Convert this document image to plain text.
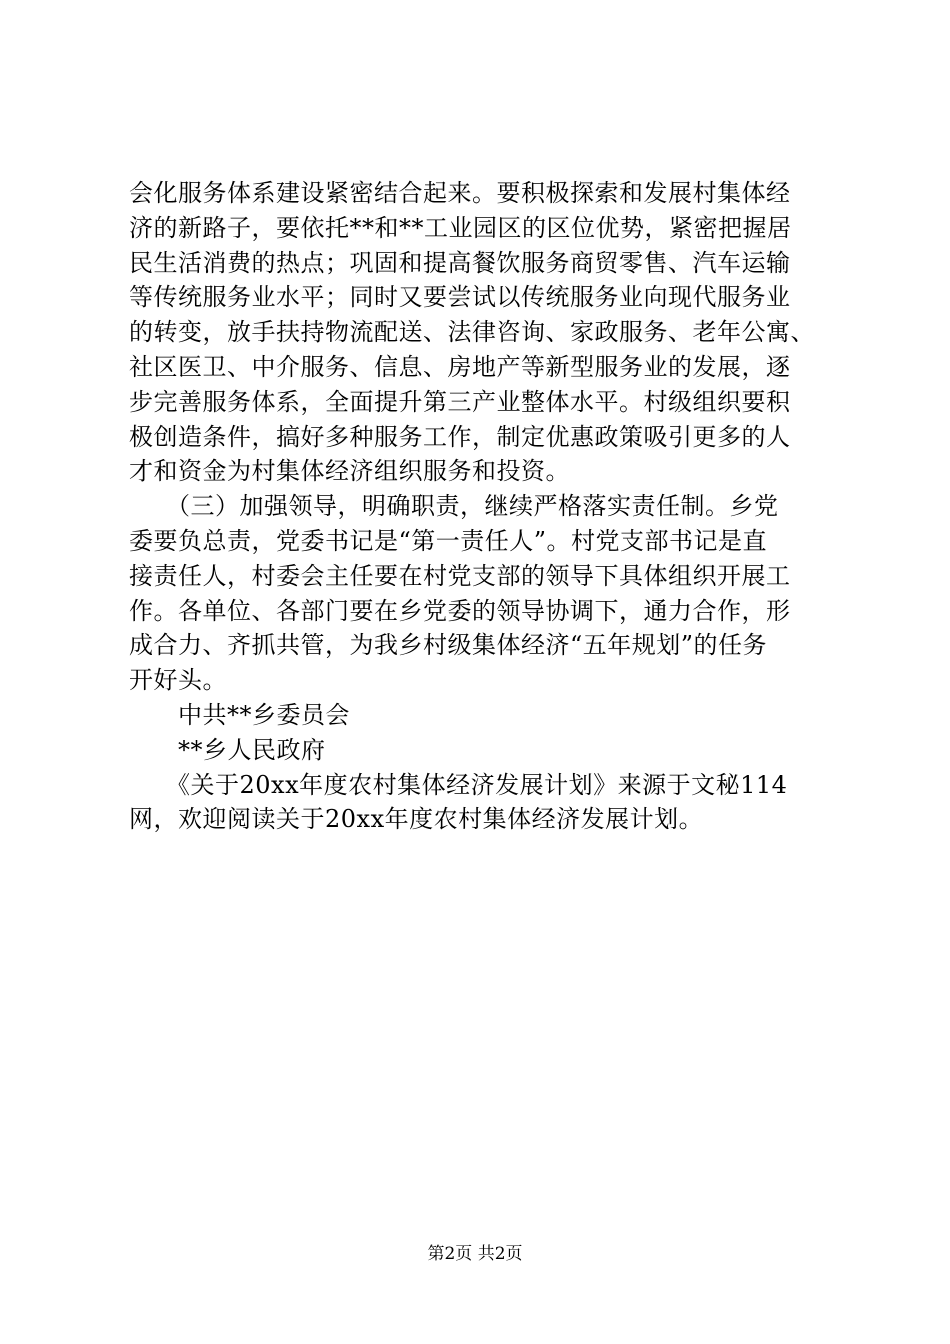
会化服务体系建设紧密结合起来。要积极探索和发展村集体经
济的新路子，要依托**和**工业园区的区位优势，紧密把握居
民生活消费的热点；巩固和提高餐饮服务商贸零售、汽车运输
等传统服务业水平；同时又要尝试以传统服务业向现代服务业
的转变，放手扶持物流配送、法律咨询、家政服务、老年公寓、
社区医卫、中介服务、信息、房地产等新型服务业的发展，逐
步完善服务体系，全面提升第三产业整体水平。村级组织要积
极创造条件，搞好多种服务工作，制定优惠政策吸引更多的人
才和资金为村集体经济组织服务和投资。
　　（三）加强领导，明确职责，继续严格落实责任制。乡党
委要负总责，党委书记是“第一责任人”。村党支部书记是直
接责任人，村委会主任要在村党支部的领导下具体组织开展工
作。各单位、各部门要在乡党委的领导协调下，通力合作，形
成合力、齐抓共管，为我乡村级集体经济“五年规划”的任务
开好头。
　　中共**乡委员会
　　**乡人民政府
　　《关于20xx年度农村集体经济发展计划》来源于文秘114
网，欢迎阅读关于20xx年度农村集体经济发展计划。
第2页 共2页
